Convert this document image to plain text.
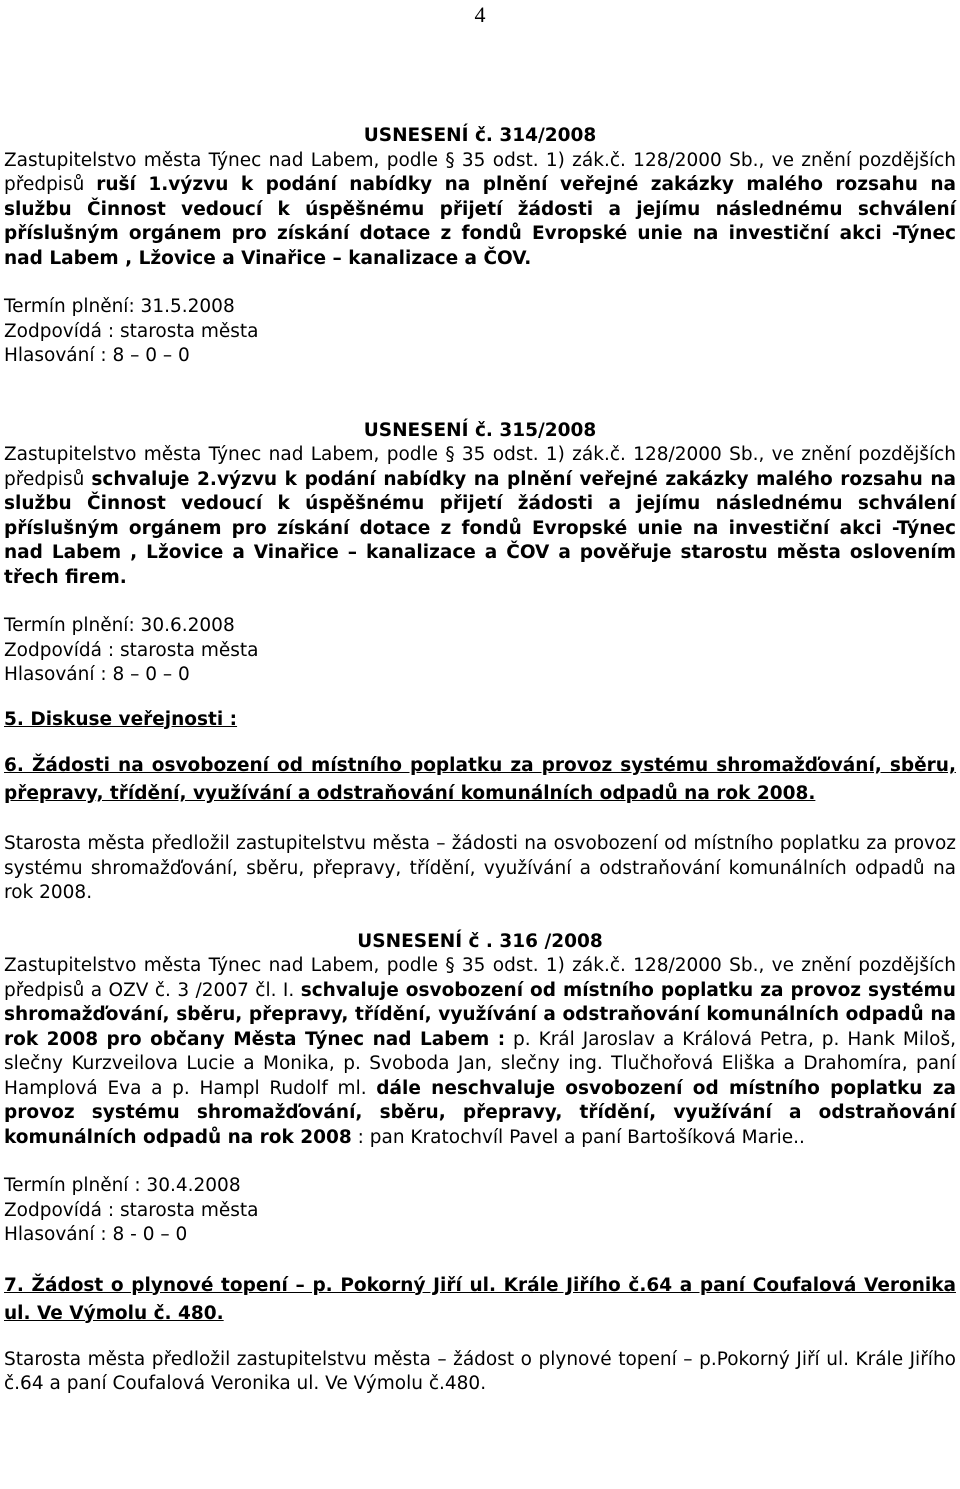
4

USNESENÍ č. 314/2008

Zastupitelstvo města Týnec nad Labem, podle § 35 odst. 1) zák.č. 128/2000 Sb., ve znění pozdějších předpisů ruší 1.výzvu k podání nabídky na plnění veřejné zakázky malého rozsahu na službu Činnost vedoucí k úspěšnému přijetí žádosti a jejímu následnému schválení příslušným orgánem pro získání dotace z fondů Evropské unie na investiční akci -Týnec nad Labem , Lžovice a Vinařice – kanalizace a ČOV.

Termín plnění: 31.5.2008

Zodpovídá : starosta města

Hlasování : 8 – 0 – 0

USNESENÍ č. 315/2008

Zastupitelstvo města Týnec nad Labem, podle § 35 odst. 1) zák.č. 128/2000 Sb., ve znění pozdějších předpisů schvaluje 2.výzvu k podání nabídky na plnění veřejné zakázky malého rozsahu na službu Činnost vedoucí k úspěšnému přijetí žádosti a jejímu následnému schválení příslušným orgánem pro získání dotace z fondů Evropské unie na investiční akci -Týnec nad Labem , Lžovice a Vinařice – kanalizace a ČOV a pověřuje starostu města oslovením třech firem.

Termín plnění: 30.6.2008

Zodpovídá : starosta města

Hlasování : 8 – 0 – 0

5. Diskuse veřejnosti :

6. Žádosti na osvobození od místního poplatku za provoz systému shromažďování, sběru, přepravy, třídění, využívání a odstraňování komunálních odpadů na rok 2008.

Starosta města předložil zastupitelstvu města – žádosti na osvobození od místního poplatku za provoz systému shromažďování, sběru, přepravy, třídění, využívání a odstraňování komunálních odpadů na rok 2008.

USNESENÍ č . 316 /2008

Zastupitelstvo města Týnec nad Labem, podle § 35 odst. 1) zák.č. 128/2000 Sb., ve znění pozdějších předpisů a OZV č. 3 /2007 čl. I. schvaluje osvobození od místního poplatku za provoz systému shromažďování, sběru, přepravy, třídění, využívání a odstraňování komunálních odpadů na rok 2008 pro občany Města Týnec nad Labem : p. Král Jaroslav a Králová Petra, p. Hank Miloš, slečny Kurzveilova Lucie a Monika, p. Svoboda Jan, slečny ing. Tlučhořová Eliška a Drahomíra, paní Hamplová Eva a p. Hampl Rudolf ml. dále neschvaluje osvobození od místního poplatku za provoz systému shromažďování, sběru, přepravy, třídění, využívání a odstraňování komunálních odpadů na rok 2008 : pan Kratochvíl Pavel a paní Bartošíková Marie..

Termín plnění : 30.4.2008

Zodpovídá : starosta města

Hlasování : 8 - 0 – 0

7. Žádost o plynové topení – p. Pokorný Jiří ul. Krále Jiřího č.64 a paní Coufalová Veronika ul. Ve Výmolu č. 480.

Starosta města předložil zastupitelstvu města – žádost o plynové topení – p.Pokorný Jiří ul. Krále Jiřího č.64 a paní Coufalová Veronika ul. Ve Výmolu č.480.
